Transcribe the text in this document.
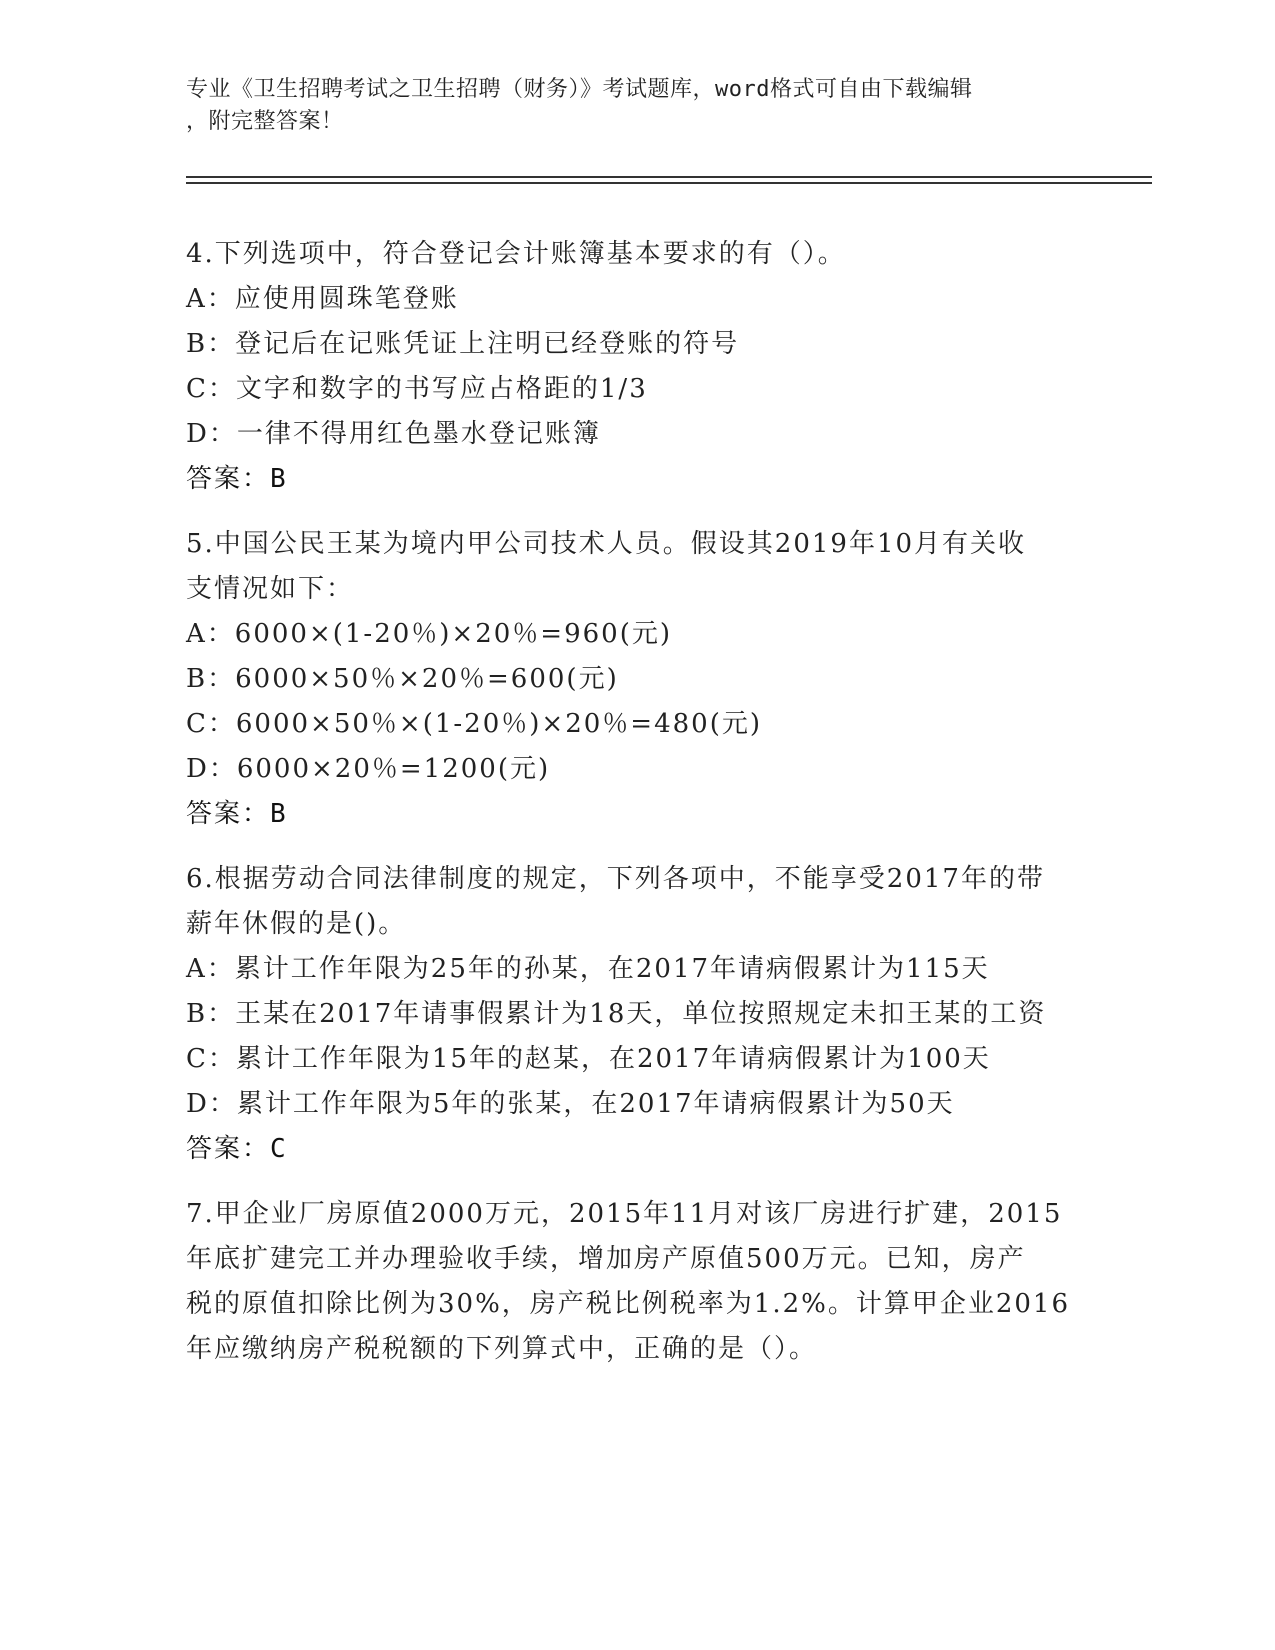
专业《卫生招聘考试之卫生招聘（财务）》考试题库，word格式可自由下载编辑
，附完整答案！
4.下列选项中，符合登记会计账簿基本要求的有（）。
A：应使用圆珠笔登账
B：登记后在记账凭证上注明已经登账的符号
C：文字和数字的书写应占格距的1/3
D：一律不得用红色墨水登记账簿
答案：B
5.中国公民王某为境内甲公司技术人员。假设其2019年10月有关收
支情况如下：
A：6000×(1-20％)×20％=960(元)
B：6000×50％×20％=600(元)
C：6000×50％×(1-20％)×20％=480(元)
D：6000×20％=1200(元)
答案：B
6.根据劳动合同法律制度的规定，下列各项中，不能享受2017年的带
薪年休假的是()。
A：累计工作年限为25年的孙某，在2017年请病假累计为115天
B：王某在2017年请事假累计为18天，单位按照规定未扣王某的工资
C：累计工作年限为15年的赵某，在2017年请病假累计为100天
D：累计工作年限为5年的张某，在2017年请病假累计为50天
答案：C
7.甲企业厂房原值2000万元，2015年11月对该厂房进行扩建，2015
年底扩建完工并办理验收手续，增加房产原值500万元。已知，房产
税的原值扣除比例为30%，房产税比例税率为1.2%。计算甲企业2016
年应缴纳房产税税额的下列算式中，正确的是（）。
